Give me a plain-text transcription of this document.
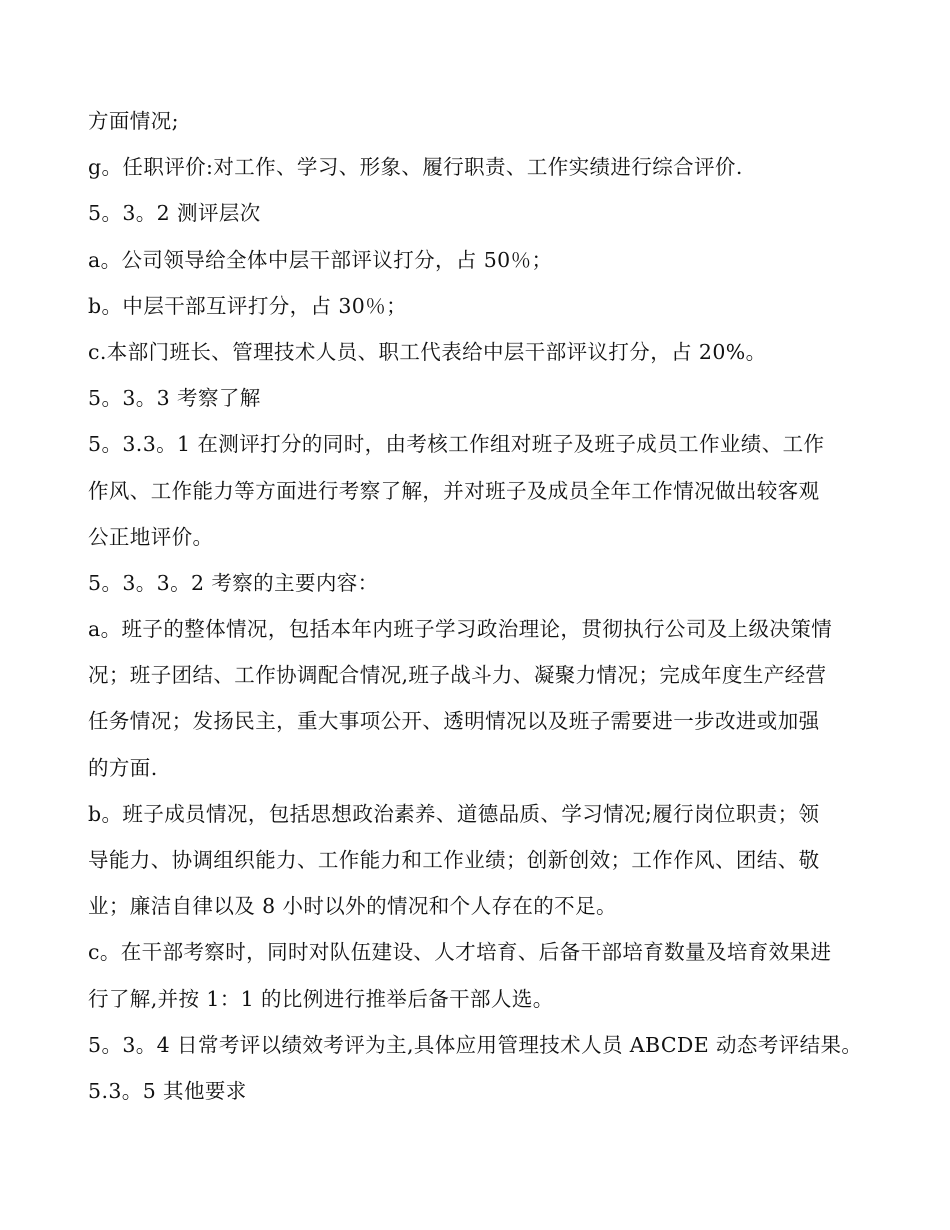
方面情况;
g。任职评价:对工作、学习、形象、履行职责、工作实绩进行综合评价.
5。3。2 测评层次
a。公司领导给全体中层干部评议打分，占 50％；
b。中层干部互评打分，占 30％；
c.本部门班长、管理技术人员、职工代表给中层干部评议打分，占 20%。
5。3。3 考察了解
5。3.3。1 在测评打分的同时，由考核工作组对班子及班子成员工作业绩、工作
作风、工作能力等方面进行考察了解，并对班子及成员全年工作情况做出较客观
公正地评价。
5。3。3。2 考察的主要内容：
a。班子的整体情况，包括本年内班子学习政治理论，贯彻执行公司及上级决策情
况；班子团结、工作协调配合情况,班子战斗力、凝聚力情况；完成年度生产经营
任务情况；发扬民主，重大事项公开、透明情况以及班子需要进一步改进或加强
的方面.
b。班子成员情况，包括思想政治素养、道德品质、学习情况;履行岗位职责；领
导能力、协调组织能力、工作能力和工作业绩；创新创效；工作作风、团结、敬
业；廉洁自律以及 8 小时以外的情况和个人存在的不足。
c。在干部考察时，同时对队伍建设、人才培育、后备干部培育数量及培育效果进
行了解,并按 1：1 的比例进行推举后备干部人选。
5。3。4 日常考评以绩效考评为主,具体应用管理技术人员 ABCDE 动态考评结果。
5.3。5 其他要求
